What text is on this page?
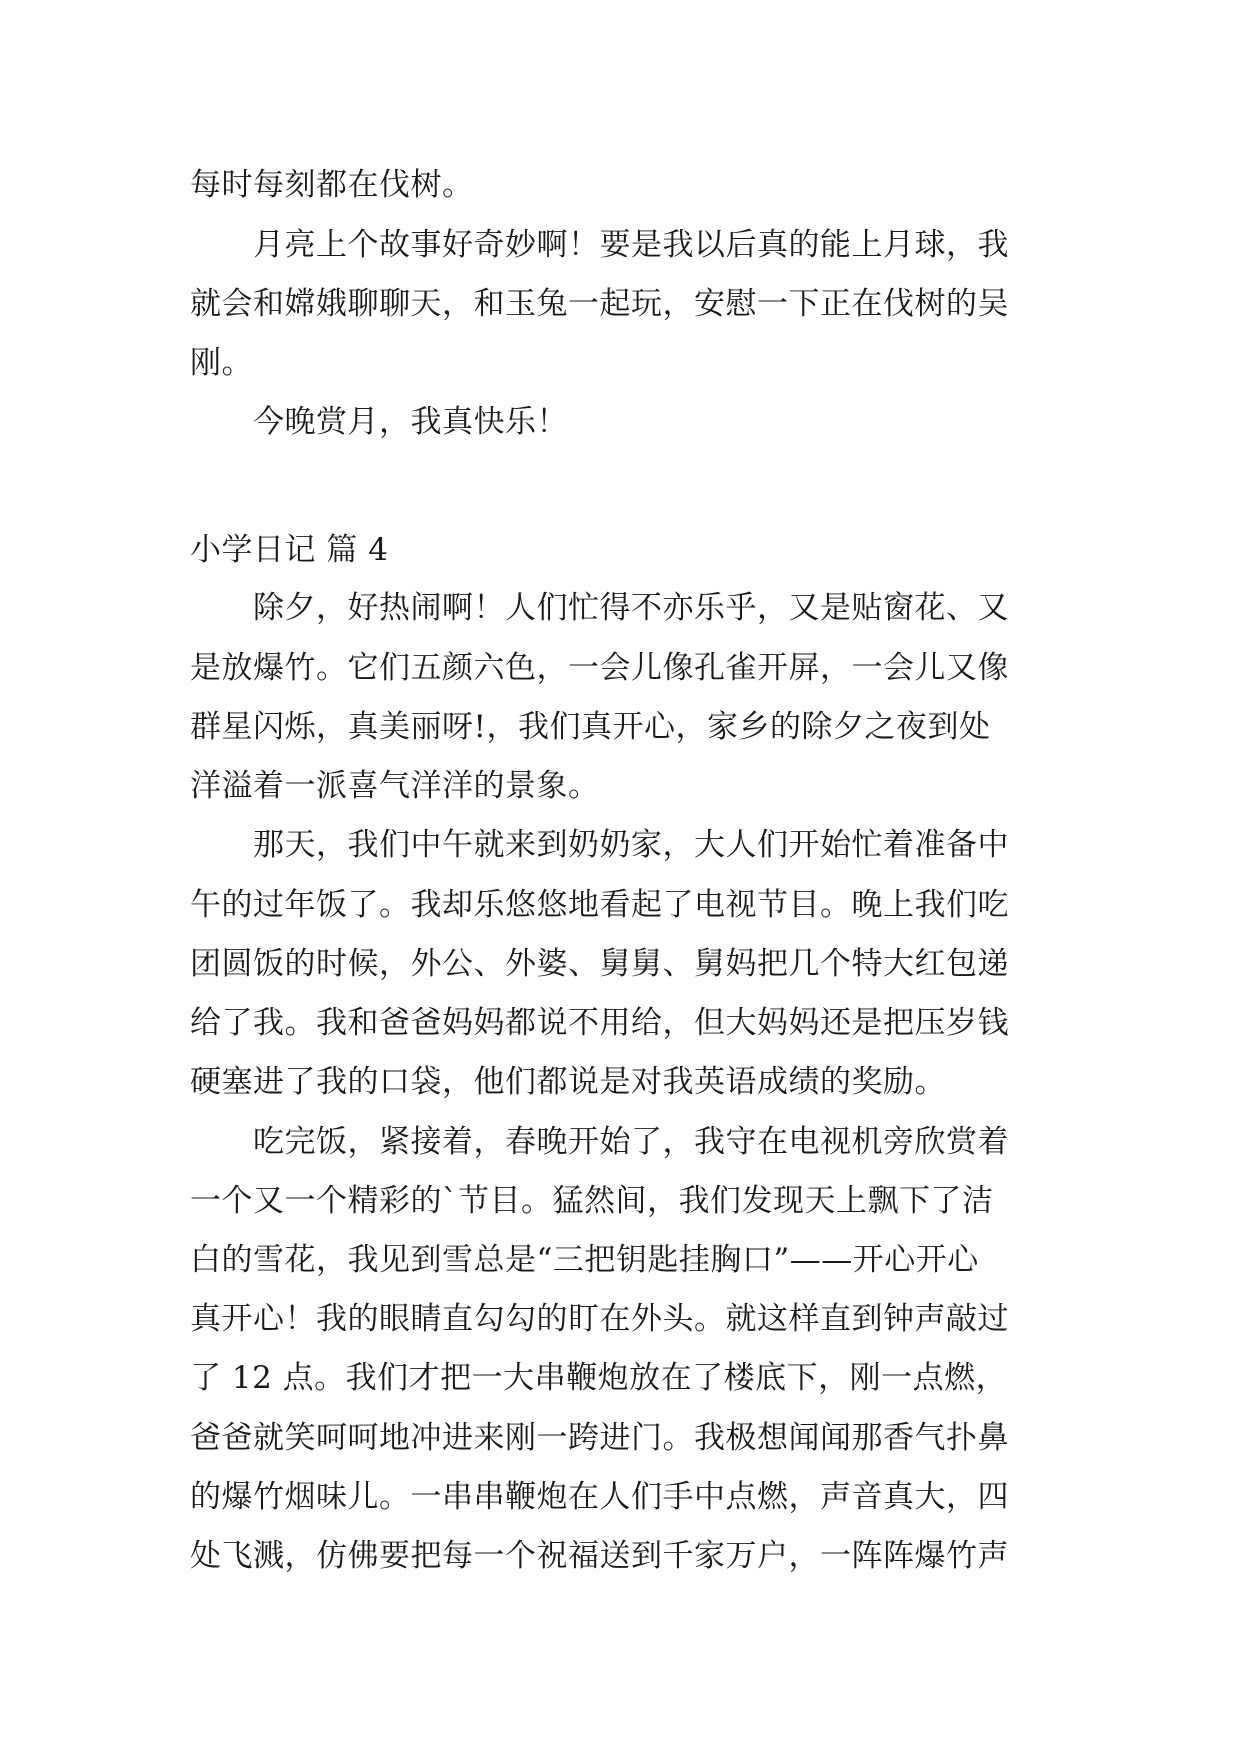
每时每刻都在伐树。
　　月亮上个故事好奇妙啊！要是我以后真的能上月球，我
就会和嫦娥聊聊天，和玉兔一起玩，安慰一下正在伐树的吴
刚。
　　今晚赏月，我真快乐！
小学日记 篇 4
　　除夕，好热闹啊！人们忙得不亦乐乎，又是贴窗花、又
是放爆竹。它们五颜六色，一会儿像孔雀开屏，一会儿又像
群星闪烁，真美丽呀!，我们真开心，家乡的除夕之夜到处
洋溢着一派喜气洋洋的景象。
　　那天，我们中午就来到奶奶家，大人们开始忙着准备中
午的过年饭了。我却乐悠悠地看起了电视节目。晚上我们吃
团圆饭的时候，外公、外婆、舅舅、舅妈把几个特大红包递
给了我。我和爸爸妈妈都说不用给，但大妈妈还是把压岁钱
硬塞进了我的口袋，他们都说是对我英语成绩的奖励。
　　吃完饭，紧接着，春晚开始了，我守在电视机旁欣赏着
一个又一个精彩的`节目。猛然间，我们发现天上飘下了洁
白的雪花，我见到雪总是“三把钥匙挂胸口”——开心开心
真开心！我的眼睛直勾勾的盯在外头。就这样直到钟声敲过
了 12 点。我们才把一大串鞭炮放在了楼底下，刚一点燃，
爸爸就笑呵呵地冲进来刚一跨进门。我极想闻闻那香气扑鼻
的爆竹烟味儿。一串串鞭炮在人们手中点燃，声音真大，四
处飞溅，仿佛要把每一个祝福送到千家万户，一阵阵爆竹声
